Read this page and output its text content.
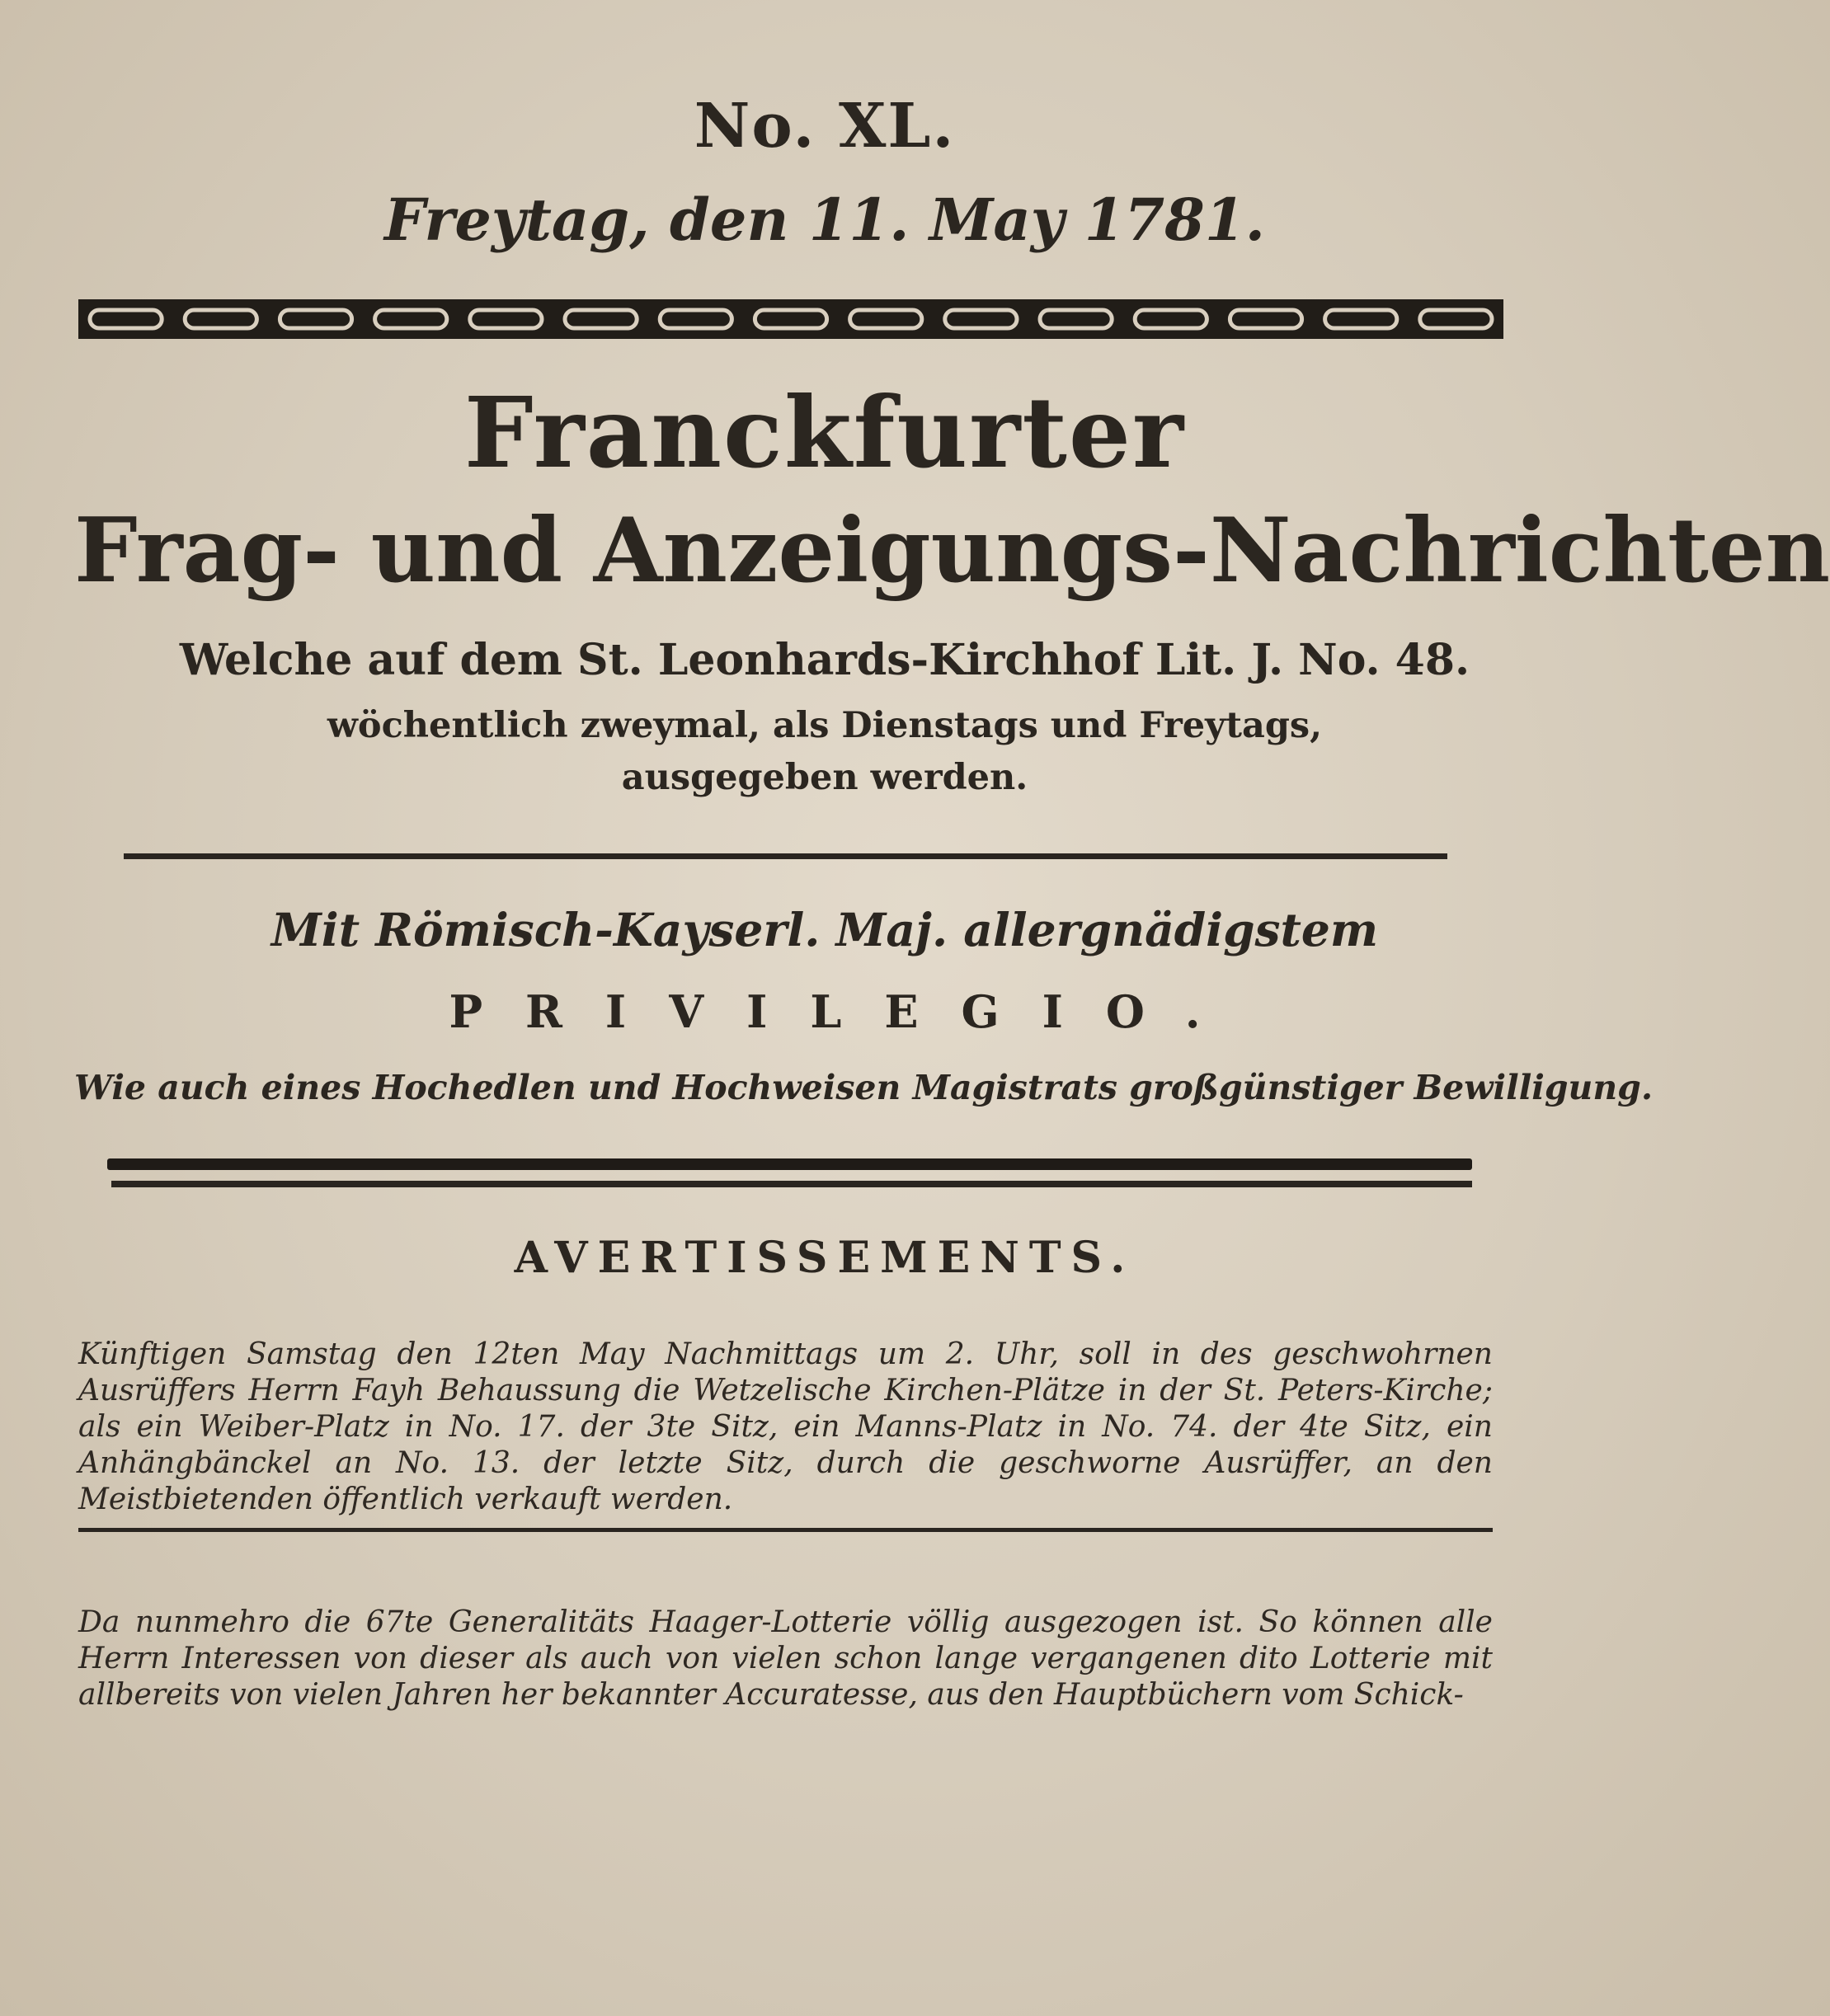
No. XL.
Freytag, den 11. May 1781.
Franckfurter
Frag- und Anzeigungs-Nachrichten
Welche auf dem St. Leonhards-Kirchhof Lit. J. No. 48.
wöchentlich zweymal, als Dienstags und Freytags,
ausgegeben werden.
Mit Römisch-Kayserl. Maj. allergnädigstem
PRIVILEGIO.
Wie auch eines Hochedlen und Hochweisen Magistrats großgünstiger Bewilligung.
AVERTISSEMENTS.

Künftigen Samstag den 12ten May Nachmittags um 2. Uhr, soll in des geschwohrnen Ausrüffers Herrn Fayh Behaussung die Wetzelische Kirchen-Plätze in der St. Peters-Kirche; als ein Weiber-Platz in No. 17. der 3te Sitz, ein Manns-Platz in No. 74. der 4te Sitz, ein Anhängbänckel an No. 13. der letzte Sitz, durch die geschworne Ausrüffer, an den Meistbietenden öffentlich verkauft werden.

Da nunmehro die 67te Generalitäts Haager-Lotterie völlig ausgezogen ist. So können alle Herrn Interessen von dieser als auch von vielen schon lange vergangenen dito Lotterie mit allbereits von vielen Jahren her bekannter Accuratesse, aus den Hauptbüchern vom Schick-
